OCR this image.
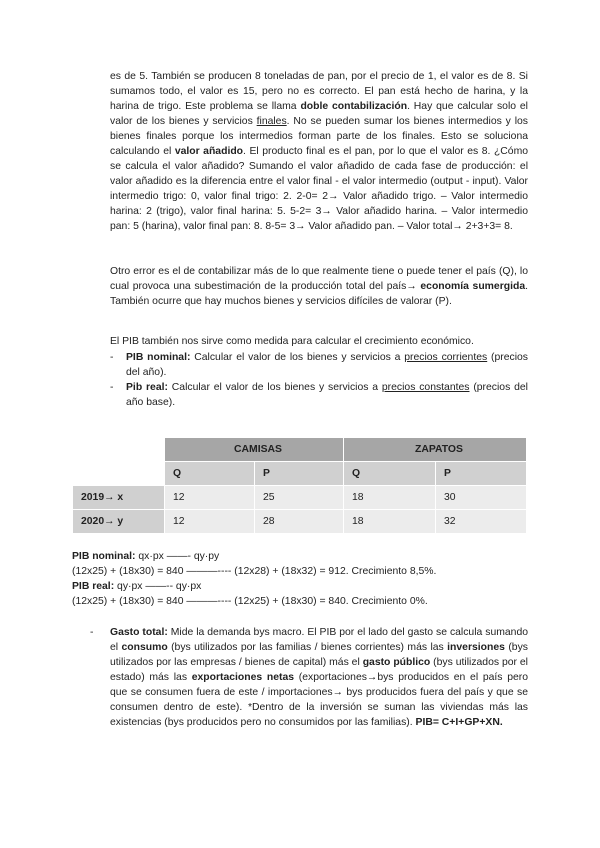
es de 5. También se producen 8 toneladas de pan, por el precio de 1, el valor es de 8. Si sumamos todo, el valor es 15, pero no es correcto. El pan está hecho de harina, y la harina de trigo. Este problema se llama doble contabilización. Hay que calcular solo el valor de los bienes y servicios finales. No se pueden sumar los bienes intermedios y los bienes finales porque los intermedios forman parte de los finales. Esto se soluciona calculando el valor añadido. El producto final es el pan, por lo que el valor es 8. ¿Cómo se calcula el valor añadido? Sumando el valor añadido de cada fase de producción: el valor añadido es la diferencia entre el valor final - el valor intermedio (output - input). Valor intermedio trigo: 0, valor final trigo: 2. 2-0= 2→ Valor añadido trigo. – Valor intermedio harina: 2 (trigo), valor final harina: 5. 5-2= 3→ Valor añadido harina. – Valor intermedio pan: 5 (harina), valor final pan: 8. 8-5= 3→ Valor añadido pan. – Valor total→ 2+3+3= 8.
Otro error es el de contabilizar más de lo que realmente tiene o puede tener el país (Q), lo cual provoca una subestimación de la producción total del país→ economía sumergida. También ocurre que hay muchos bienes y servicios difíciles de valorar (P).
El PIB también nos sirve como medida para calcular el crecimiento económico.
- PIB nominal: Calcular el valor de los bienes y servicios a precios corrientes (precios del año).
- Pib real: Calcular el valor de los bienes y servicios a precios constantes (precios del año base).
	CAMISAS		ZAPATOS	
	Q	P	Q	P
2019→ x	12	25	18	30
2020→ y	12	28	18	32
PIB nominal: qx·px ——- qy·py
(12x25) + (18x30) = 840 ———---- (12x28) + (18x32) = 912. Crecimiento 8,5%.
PIB real: qy·px ——-- qy·px
(12x25) + (18x30) = 840 ———---- (12x25) + (18x30) = 840. Crecimiento 0%.
- Gasto total: Mide la demanda bys macro. El PIB por el lado del gasto se calcula sumando el consumo (bys utilizados por las familias / bienes corrientes) más las inversiones (bys utilizados por las empresas / bienes de capital) más el gasto público (bys utilizados por el estado) más las exportaciones netas (exportaciones→bys producidos en el país pero que se consumen fuera de este / importaciones→ bys producidos fuera del país y que se consumen dentro de este). *Dentro de la inversión se suman las viviendas más las existencias (bys producidos pero no consumidos por las familias). PIB= C+I+GP+XN.
